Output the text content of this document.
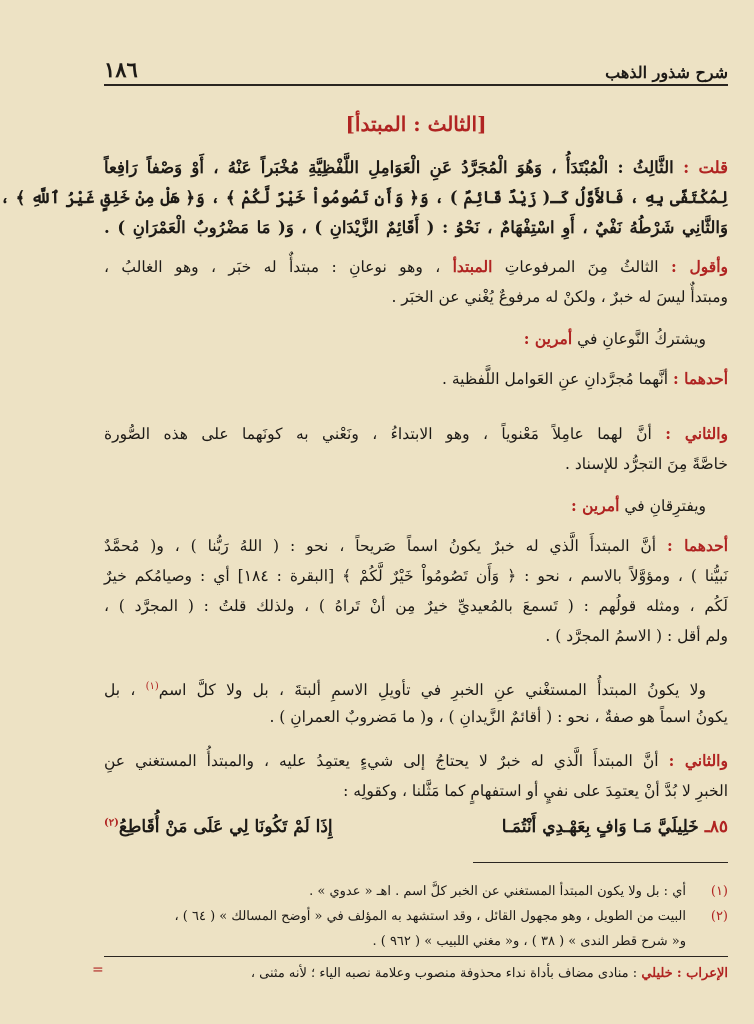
شرح شذور الذهب
١٨٦
[الثالث : المبتدأ]
قلت : الثَّالِثُ : الْمُبْتَدَأُ ، وَهُوَ الْمُجَرَّدُ عَنِ الْعَوَامِلِ اللَّفْظِيَّةِ مُخْبَراً عَنْهُ ، أَوْ وَصْفاً رَافِعاً
لِمُكْتَفًى بِهِ ، فَالأَوَّلُ كَـ( زَيْدٌ قَائِمٌ ) ، وَ﴿ وَأَن تَصُومُواْ خَيْرٌ لَّكُمْ ﴾ ، وَ﴿ هَلْ مِنْ خَلِقٍ غَيْرُ ٱللَّهِ ﴾ ،
وَالثَّانِي شَرْطُهُ نَفْيٌ ، أَوِ اسْتِفْهَامٌ ، نَحْوُ : ( أَقَائِمٌ الزَّيْدَانِ ) ، وَ( مَا مَضْرُوبٌ الْعَمْرَانِ ) .
وأقول : الثالثُ مِنَ المرفوعاتِ المبتدأ ، وهو نوعانِ : مبتدأٌ له خبَر ، وهو الغالبُ ،
ومبتدأٌ ليسَ له خبرٌ ، ولكنْ له مرفوعٌ يُغْني عن الخبَر .
ويشتركُ النَّوعانِ في أمرين :
أحدهما : أنَّهما مُجرَّدانِ عنِ العَوامل اللَّفظية .
والثاني : أنَّ لهما عامِلاً مَعْنوياً ، وهو الابتداءُ ، ونَعْني به كونَهما على هذه الصُّورة
خاصَّةً مِنَ التجرُّد للإسناد .
ويفترِقانِ في أمرين :
أحدهما : أنَّ المبتدأَ الَّذي له خبرٌ يكونُ اسماً صَريحاً ، نحو : ( اللهُ رَبُّنا ) ، و( مُحمَّدٌ
نَبيُّنا ) ، ومؤوَّلاً بالاسم ، نحو : ﴿ وَأَن تَصُومُواْ خَيْرٌ لَّكُمْ ﴾ [البقرة : ١٨٤] أي : وصيامُكم خيرٌ
لَكُم ، ومثله قولُهم : ( تَسمعَ بالمُعيديِّ خيرٌ مِن أنْ تَراهُ ) ، ولذلك قلتُ : ( المجرَّد ) ،
ولم أقل : ( الاسمُ المجرَّد ) .
ولا يكونُ المبتدأُ المستغْني عنِ الخبرِ في تأويلِ الاسمِ ألبتةَ ، بل ولا كلَّ اسم$^{(١)}$ ، بل
يكونُ اسماً هو صفةٌ ، نحو : ( أقائمٌ الزَّيدانِ ) ، و( ما مَضروبٌ العمرانِ ) .
والثاني : أنَّ المبتدأَ الَّذي له خبرٌ لا يحتاجُ إلى شيءٍ يعتمِدُ عليه ، والمبتدأُ المستغني عنِ
الخبرِ لا بُدَّ أنْ يعتمِدَ على نفيٍ أو استفهامٍ كما مَثَّلنا ، وكقولِه :
٨٥ـ خَلِيلَيَّ مَـا وَافٍ بِعَهْـدِي أَنْتُمَـا
إِذَا لَمْ تَكُونَا لِي عَلَى مَنْ أُقَاطِعُ$^{(٢)}$
(١)أي : بل ولا يكون المبتدأ المستغني عن الخبر كلَّ اسم . اهـ « عدوي » .
(٢)البيت من الطويل ، وهو مجهول القائل ، وقد استشهد به المؤلف في « أوضح المسالك » ( ٦٤ ) ،
و« شرح قطر الندى » ( ٣٨ ) ، و« مغني اللبيب » ( ٩٦٢ ) .
الإعراب : خليلي : منادى مضاف بأداة نداء محذوفة منصوب وعلامة نصبه الياء ؛ لأنه مثنى ،
=
